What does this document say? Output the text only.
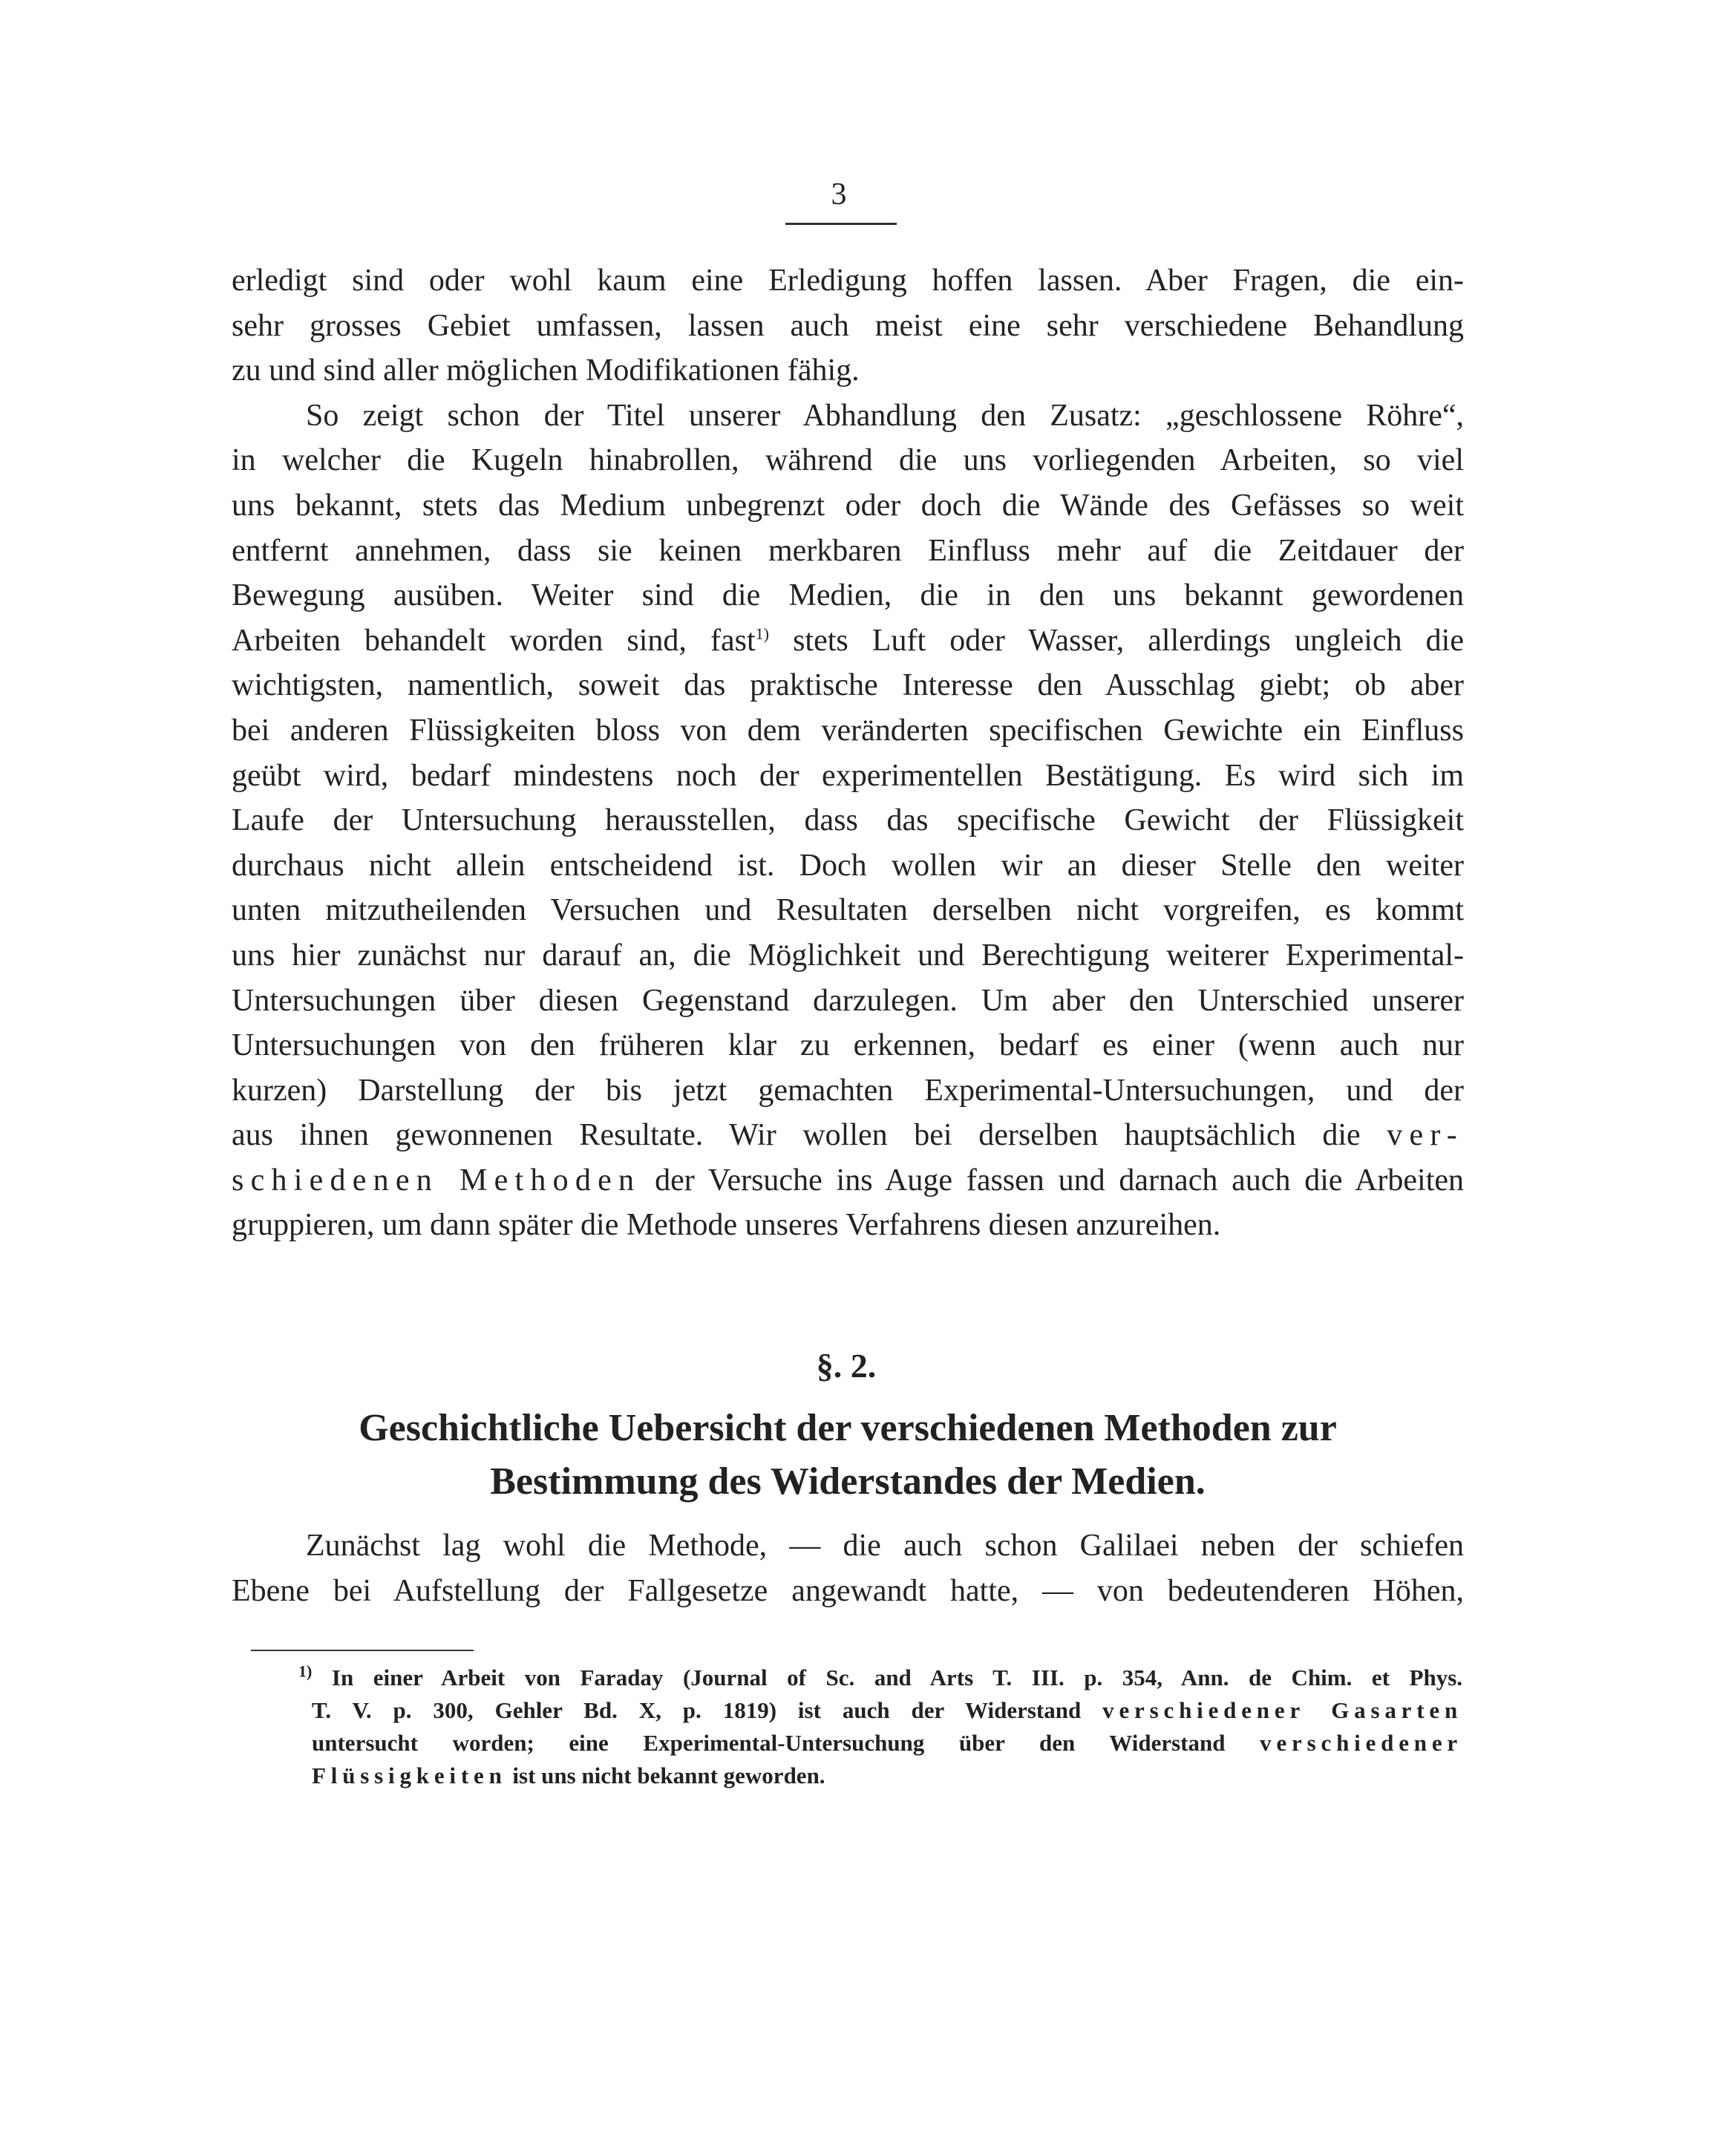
3
erledigt sind oder wohl kaum eine Erledigung hoffen lassen. Aber Fragen, die ein-
sehr grosses Gebiet umfassen, lassen auch meist eine sehr verschiedene Behandlung
zu und sind aller möglichen Modifikationen fähig.
So zeigt schon der Titel unserer Abhandlung den Zusatz: „geschlossene Röhre“,
in welcher die Kugeln hinabrollen, während die uns vorliegenden Arbeiten, so viel
uns bekannt, stets das Medium unbegrenzt oder doch die Wände des Gefässes so weit
entfernt annehmen, dass sie keinen merkbaren Einfluss mehr auf die Zeitdauer der
Bewegung ausüben. Weiter sind die Medien, die in den uns bekannt gewordenen
Arbeiten behandelt worden sind, fast$^{1)}$ stets Luft oder Wasser, allerdings ungleich die
wichtigsten, namentlich, soweit das praktische Interesse den Ausschlag giebt; ob aber
bei anderen Flüssigkeiten bloss von dem veränderten specifischen Gewichte ein Einfluss
geübt wird, bedarf mindestens noch der experimentellen Bestätigung. Es wird sich im
Laufe der Untersuchung herausstellen, dass das specifische Gewicht der Flüssigkeit
durchaus nicht allein entscheidend ist. Doch wollen wir an dieser Stelle den weiter
unten mitzutheilenden Versuchen und Resultaten derselben nicht vorgreifen, es kommt
uns hier zunächst nur darauf an, die Möglichkeit und Berechtigung weiterer Experimental-
Untersuchungen über diesen Gegenstand darzulegen. Um aber den Unterschied unserer
Untersuchungen von den früheren klar zu erkennen, bedarf es einer (wenn auch nur
kurzen) Darstellung der bis jetzt gemachten Experimental-Untersuchungen, und der
aus ihnen gewonnenen Resultate. Wir wollen bei derselben hauptsächlich die ver-
schiedenen Methoden der Versuche ins Auge fassen und darnach auch die Arbeiten
gruppieren, um dann später die Methode unseres Verfahrens diesen anzureihen.
§. 2.
Geschichtliche Uebersicht der verschiedenen Methoden zur
Bestimmung des Widerstandes der Medien.
Zunächst lag wohl die Methode, — die auch schon Galilaei neben der schiefen
Ebene bei Aufstellung der Fallgesetze angewandt hatte, — von bedeutenderen Höhen,
$^{1)}$ In einer Arbeit von Faraday (Journal of Sc. and Arts T. III. p. 354, Ann. de Chim. et Phys.
T. V. p. 300, Gehler Bd. X, p. 1819) ist auch der Widerstand verschiedener Gasarten
untersucht worden; eine Experimental-Untersuchung über den Widerstand verschiedener
Flüssigkeiten ist uns nicht bekannt geworden.
